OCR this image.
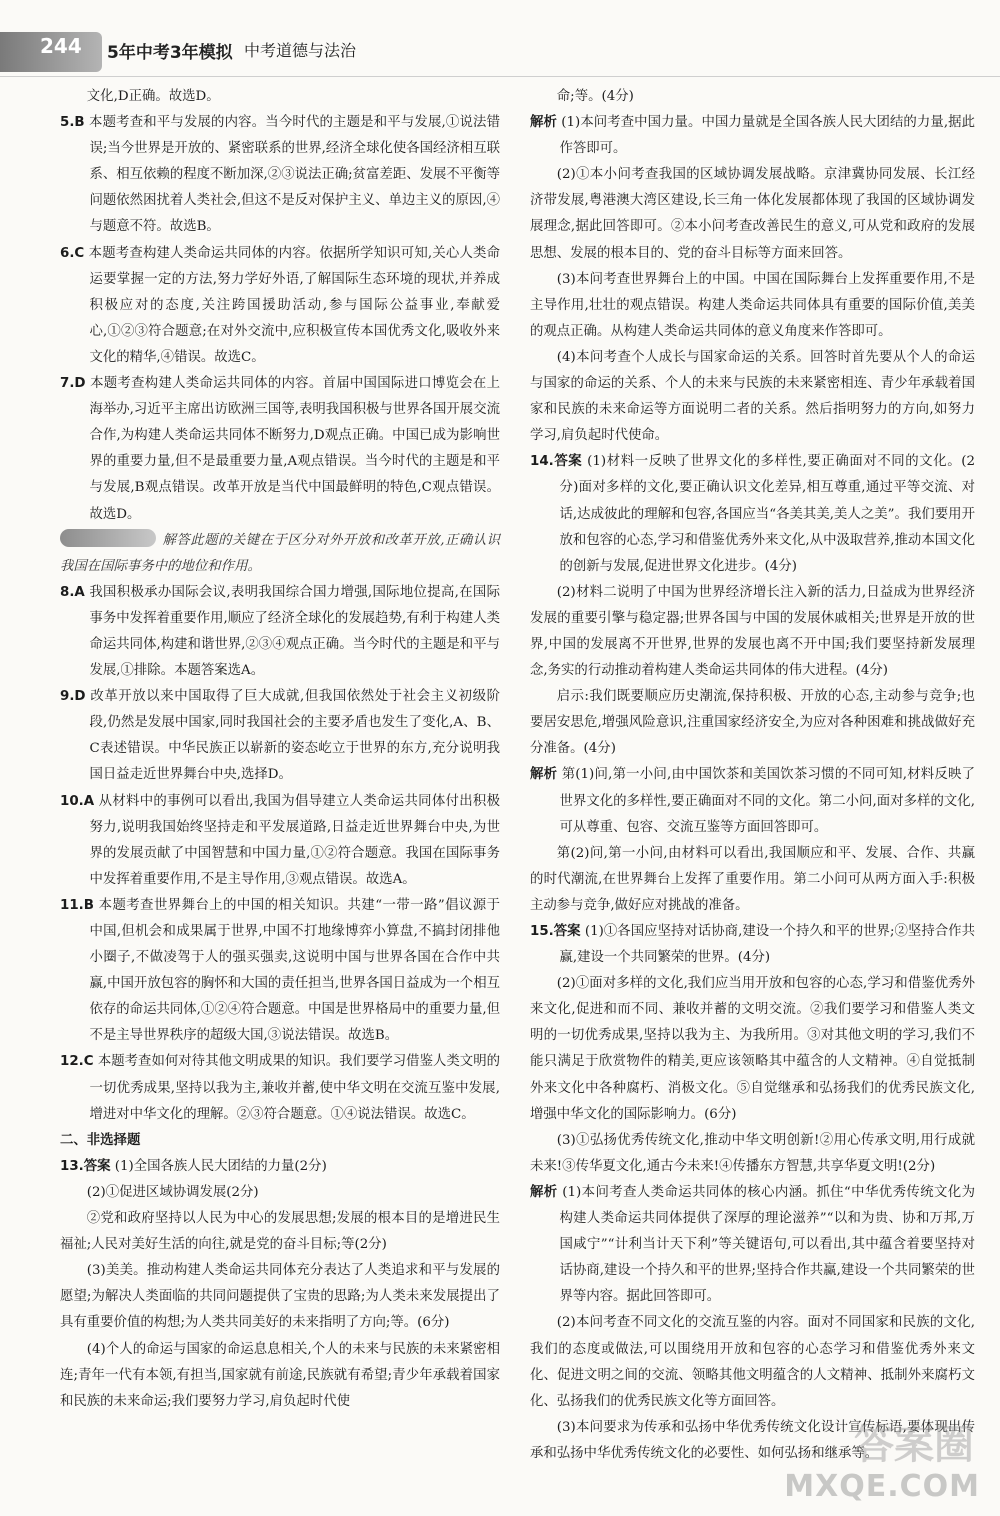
244 5年中考3年模拟 中考道德与法治

文化,D正确。故选D。

5.B 本题考查和平与发展的内容。当今时代的主题是和平与发展,①说法错误;当今世界是开放的、紧密联系的世界,经济全球化使各国经济相互联系、相互依赖的程度不断加深,②③说法正确;贫富差距、发展不平衡等问题依然困扰着人类社会,但这不是反对保护主义、单边主义的原因,④与题意不符。故选B。

6.C 本题考查构建人类命运共同体的内容。依据所学知识可知,关心人类命运要掌握一定的方法,努力学好外语,了解国际生态环境的现状,并养成积极应对的态度,关注跨国援助活动,参与国际公益事业,奉献爱心,①②③符合题意;在对外交流中,应积极宣传本国优秀文化,吸收外来文化的精华,④错误。故选C。

7.D 本题考查构建人类命运共同体的内容。首届中国国际进口博览会在上海举办,习近平主席出访欧洲三国等,表明我国积极与世界各国开展交流合作,为构建人类命运共同体不断努力,D观点正确。中国已成为影响世界的重要力量,但不是最重要力量,A观点错误。当今时代的主题是和平与发展,B观点错误。改革开放是当代中国最鲜明的特色,C观点错误。故选D。

解答此题的关键在于区分对外开放和改革开放,正确认识我国在国际事务中的地位和作用。

8.A 我国积极承办国际会议,表明我国综合国力增强,国际地位提高,在国际事务中发挥着重要作用,顺应了经济全球化的发展趋势,有利于构建人类命运共同体,构建和谐世界,②③④观点正确。当今时代的主题是和平与发展,①排除。本题答案选A。

9.D 改革开放以来中国取得了巨大成就,但我国依然处于社会主义初级阶段,仍然是发展中国家,同时我国社会的主要矛盾也发生了变化,A、B、C表述错误。中华民族正以崭新的姿态屹立于世界的东方,充分说明我国日益走近世界舞台中央,选择D。

10.A 从材料中的事例可以看出,我国为倡导建立人类命运共同体付出积极努力,说明我国始终坚持走和平发展道路,日益走近世界舞台中央,为世界的发展贡献了中国智慧和中国力量,①②符合题意。我国在国际事务中发挥着重要作用,不是主导作用,③观点错误。故选A。

11.B 本题考查世界舞台上的中国的相关知识。共建“一带一路”倡议源于中国,但机会和成果属于世界,中国不打地缘博弈小算盘,不搞封闭排他小圈子,不做凌驾于人的强买强卖,这说明中国与世界各国在合作中共赢,中国开放包容的胸怀和大国的责任担当,世界各国日益成为一个相互依存的命运共同体,①②④符合题意。中国是世界格局中的重要力量,但不是主导世界秩序的超级大国,③说法错误。故选B。

12.C 本题考查如何对待其他文明成果的知识。我们要学习借鉴人类文明的一切优秀成果,坚持以我为主,兼收并蓄,使中华文明在交流互鉴中发展,增进对中华文化的理解。②③符合题意。①④说法错误。故选C。

二、非选择题

13.答案 (1)全国各族人民大团结的力量(2分)

(2)①促进区域协调发展(2分)

②党和政府坚持以人民为中心的发展思想;发展的根本目的是增进民生福祉;人民对美好生活的向往,就是党的奋斗目标;等(2分)

(3)美美。推动构建人类命运共同体充分表达了人类追求和平与发展的愿望;为解决人类面临的共同问题提供了宝贵的思路;为人类未来发展提出了具有重要价值的构想;为人类共同美好的未来指明了方向;等。(6分)

(4)个人的命运与国家的命运息息相关,个人的未来与民族的未来紧密相连;青年一代有本领,有担当,国家就有前途,民族就有希望;青少年承载着国家和民族的未来命运;我们要努力学习,肩负起时代使

命;等。(4分)

解析 (1)本问考查中国力量。中国力量就是全国各族人民大团结的力量,据此作答即可。

(2)①本小问考查我国的区域协调发展战略。京津冀协同发展、长江经济带发展,粤港澳大湾区建设,长三角一体化发展都体现了我国的区域协调发展理念,据此回答即可。②本小问考查改善民生的意义,可从党和政府的发展思想、发展的根本目的、党的奋斗目标等方面来回答。

(3)本问考查世界舞台上的中国。中国在国际舞台上发挥重要作用,不是主导作用,壮壮的观点错误。构建人类命运共同体具有重要的国际价值,美美的观点正确。从构建人类命运共同体的意义角度来作答即可。

(4)本问考查个人成长与国家命运的关系。回答时首先要从个人的命运与国家的命运的关系、个人的未来与民族的未来紧密相连、青少年承载着国家和民族的未来命运等方面说明二者的关系。然后指明努力的方向,如努力学习,肩负起时代使命。

14.答案 (1)材料一反映了世界文化的多样性,要正确面对不同的文化。(2分)面对多样的文化,要正确认识文化差异,相互尊重,通过平等交流、对话,达成彼此的理解和包容,各国应当“各美其美,美人之美”。我们要用开放和包容的心态,学习和借鉴优秀外来文化,从中汲取营养,推动本国文化的创新与发展,促进世界文化进步。(4分)

(2)材料二说明了中国为世界经济增长注入新的活力,日益成为世界经济发展的重要引擎与稳定器;世界各国与中国的发展休戚相关;世界是开放的世界,中国的发展离不开世界,世界的发展也离不开中国;我们要坚持新发展理念,务实的行动推动着构建人类命运共同体的伟大进程。(4分)

启示:我们既要顺应历史潮流,保持积极、开放的心态,主动参与竞争;也要居安思危,增强风险意识,注重国家经济安全,为应对各种困难和挑战做好充分准备。(4分)

解析 第(1)问,第一小问,由中国饮茶和美国饮茶习惯的不同可知,材料反映了世界文化的多样性,要正确面对不同的文化。第二小问,面对多样的文化,可从尊重、包容、交流互鉴等方面回答即可。

第(2)问,第一小问,由材料可以看出,我国顺应和平、发展、合作、共赢的时代潮流,在世界舞台上发挥了重要作用。第二小问可从两方面入手:积极主动参与竞争,做好应对挑战的准备。

15.答案 (1)①各国应坚持对话协商,建设一个持久和平的世界;②坚持合作共赢,建设一个共同繁荣的世界。(4分)

(2)①面对多样的文化,我们应当用开放和包容的心态,学习和借鉴优秀外来文化,促进和而不同、兼收并蓄的文明交流。②我们要学习和借鉴人类文明的一切优秀成果,坚持以我为主、为我所用。③对其他文明的学习,我们不能只满足于欣赏物件的精美,更应该领略其中蕴含的人文精神。④自觉抵制外来文化中各种腐朽、消极文化。⑤自觉继承和弘扬我们的优秀民族文化,增强中华文化的国际影响力。(6分)

(3)①弘扬优秀传统文化,推动中华文明创新!②用心传承文明,用行成就未来!③传华夏文化,通古今未来!④传播东方智慧,共享华夏文明!(2分)

解析 (1)本问考查人类命运共同体的核心内涵。抓住“中华优秀传统文化为构建人类命运共同体提供了深厚的理论滋养”“以和为贵、协和万邦,万国咸宁”“计利当计天下利”等关键语句,可以看出,其中蕴含着要坚持对话协商,建设一个持久和平的世界;坚持合作共赢,建设一个共同繁荣的世界等内容。据此回答即可。

(2)本问考查不同文化的交流互鉴的内容。面对不同国家和民族的文化,我们的态度或做法,可以围绕用开放和包容的心态学习和借鉴优秀外来文化、促进文明之间的交流、领略其他文明蕴含的人文精神、抵制外来腐朽文化、弘扬我们的优秀民族文化等方面回答。

(3)本问要求为传承和弘扬中华优秀传统文化设计宣传标语,要体现出传承和弘扬中华优秀传统文化的必要性、如何弘扬和继承等。

答案圈
MXQE.COM
